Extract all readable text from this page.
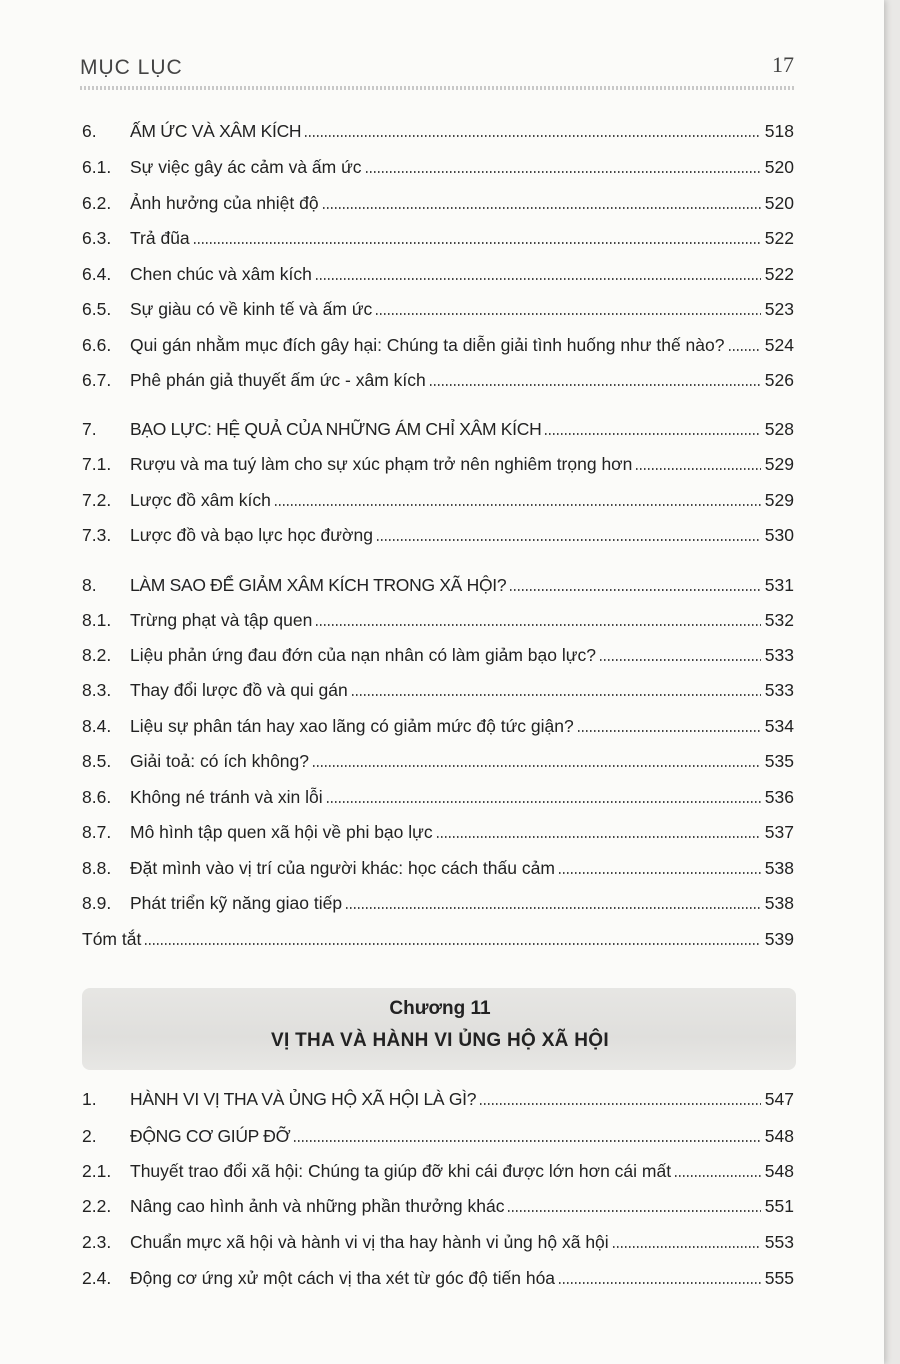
MỤC LỤC	17
6.	ẤM ỨC VÀ XÂM KÍCH	518
6.1.	Sự việc gây ác cảm và ấm ức	520
6.2.	Ảnh hưởng của nhiệt độ	520
6.3.	Trả đũa	522
6.4.	Chen chúc và xâm kích	522
6.5.	Sự giàu có về kinh tế và ấm ức	523
6.6.	Qui gán nhằm mục đích gây hại: Chúng ta diễn giải tình huống như thế nào? 524
6.7.	Phê phán giả thuyết ấm ức - xâm kích	526
7.	BẠO LỰC: HỆ QUẢ CỦA NHỮNG ÁM CHỈ XÂM KÍCH	528
7.1.	Rượu và ma tuý làm cho sự xúc phạm trở nên nghiêm trọng hơn	529
7.2.	Lược đồ xâm kích	529
7.3.	Lược đồ và bạo lực học đường	530
8.	LÀM SAO ĐỂ GIẢM XÂM KÍCH TRONG XÃ HỘI?	531
8.1.	Trừng phạt và tập quen	532
8.2.	Liệu phản ứng đau đớn của nạn nhân có làm giảm bạo lực?	533
8.3.	Thay đổi lược đồ và qui gán	533
8.4.	Liệu sự phân tán hay xao lãng có giảm mức độ tức giận?	534
8.5.	Giải toả: có ích không?	535
8.6.	Không né tránh và xin lỗi	536
8.7.	Mô hình tập quen xã hội về phi bạo lực	537
8.8.	Đặt mình vào vị trí của người khác: học cách thấu cảm	538
8.9.	Phát triển kỹ năng giao tiếp	538
Tóm tắt	539
Chương 11
VỊ THA VÀ HÀNH VI ỦNG HỘ XÃ HỘI
1.	HÀNH VI VỊ THA VÀ ỦNG HỘ XÃ HỘI LÀ GÌ?	547
2.	ĐỘNG CƠ GIÚP ĐỠ	548
2.1.	Thuyết trao đổi xã hội: Chúng ta giúp đỡ khi cái được lớn hơn cái mất	548
2.2.	Nâng cao hình ảnh và những phần thưởng khác	551
2.3.	Chuẩn mực xã hội và hành vi vị tha hay hành vi ủng hộ xã hội	553
2.4.	Động cơ ứng xử một cách vị tha xét từ góc độ tiến hóa	555
